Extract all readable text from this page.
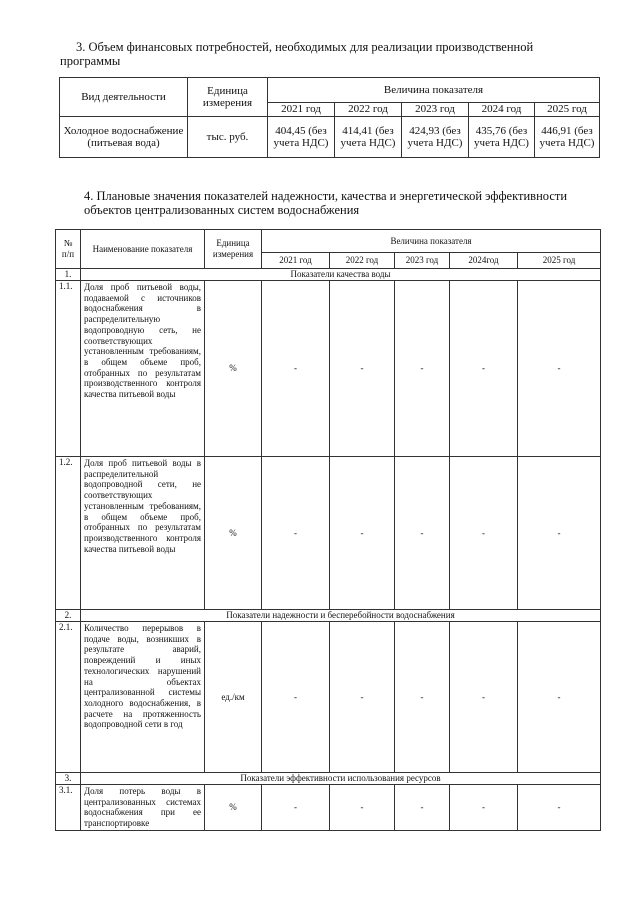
3. Объем финансовых потребностей, необходимых для реализации производственной
программы
Вид деятельности	Единица измерения	Величина показателя				
		2021 год	2022 год	2023 год	2024 год	2025 год
Холодное водоснабжение (питьевая вода)	тыс. руб.	404,45 (без учета НДС)	414,41 (без учета НДС)	424,93 (без учета НДС)	435,76 (без учета НДС)	446,91 (без учета НДС)
4. Плановые значения показателей надежности, качества и энергетической эффективности
объектов централизованных систем водоснабжения
№ п/п	Наименование показателя	Единица измерения	Величина показателя				
			2021 год	2022 год	2023 год	2024год	2025 год
1.	Показатели качества воды						
1.1.	Доля проб питьевой воды, подаваемой с источников водоснабжения в распределительную водопроводную сеть, не соответствующих установленным требованиям, в общем объеме проб, отобранных по результатам производственного контроля качества питьевой воды	%	-	-	-	-	-
1.2.	Доля проб питьевой воды в распределительной водопроводной сети, не соответствующих установленным требованиям, в общем объеме проб, отобранных по результатам производственного контроля качества питьевой воды	%	-	-	-	-	-
2.	Показатели надежности и бесперебойности водоснабжения						
2.1.	Количество перерывов в подаче воды, возникших в результате аварий, повреждений и иных технологических нарушений на объектах централизованной системы холодного водоснабжения, в расчете на протяженность водопроводной сети в год	ед./км	-	-	-	-	-
3.	Показатели эффективности использования ресурсов						
3.1.	Доля потерь воды в централизованных системах водоснабжения при ее транспортировке	%	-	-	-	-	-
